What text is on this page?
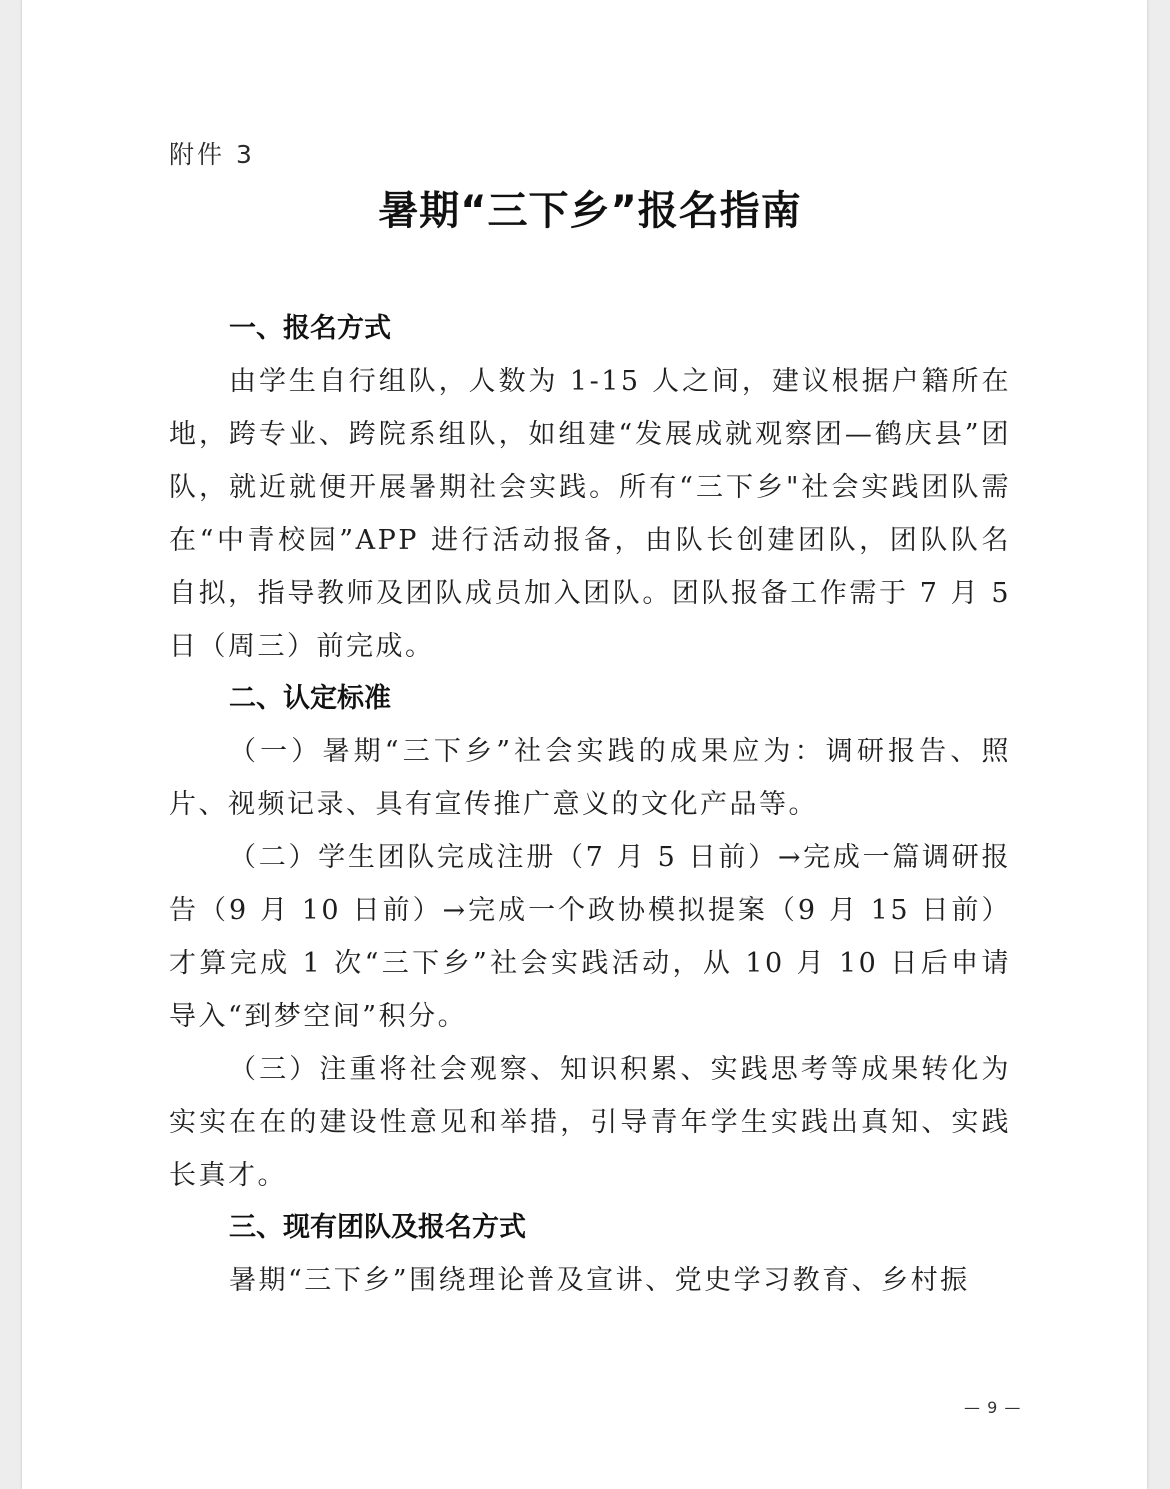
附件 3
暑期“三下乡”报名指南
一、报名方式

由学生自行组队，人数为 1-15 人之间，建议根据户籍所在地，跨专业、跨院系组队，如组建“发展成就观察团—鹤庆县”团队，就近就便开展暑期社会实践。所有“三下乡"社会实践团队需在“中青校园”APP 进行活动报备，由队长创建团队，团队队名自拟，指导教师及团队成员加入团队。团队报备工作需于 7 月 5 日（周三）前完成。

二、认定标准

（一）暑期“三下乡”社会实践的成果应为：调研报告、照片、视频记录、具有宣传推广意义的文化产品等。

（二）学生团队完成注册（7 月 5 日前）→完成一篇调研报告（9 月 10 日前）→完成一个政协模拟提案（9 月 15 日前）才算完成 1 次“三下乡”社会实践活动，从 10 月 10 日后申请导入“到梦空间”积分。

（三）注重将社会观察、知识积累、实践思考等成果转化为实实在在的建设性意见和举措，引导青年学生实践出真知、实践长真才。

三、现有团队及报名方式

暑期“三下乡”围绕理论普及宣讲、党史学习教育、乡村振

— 9 —
